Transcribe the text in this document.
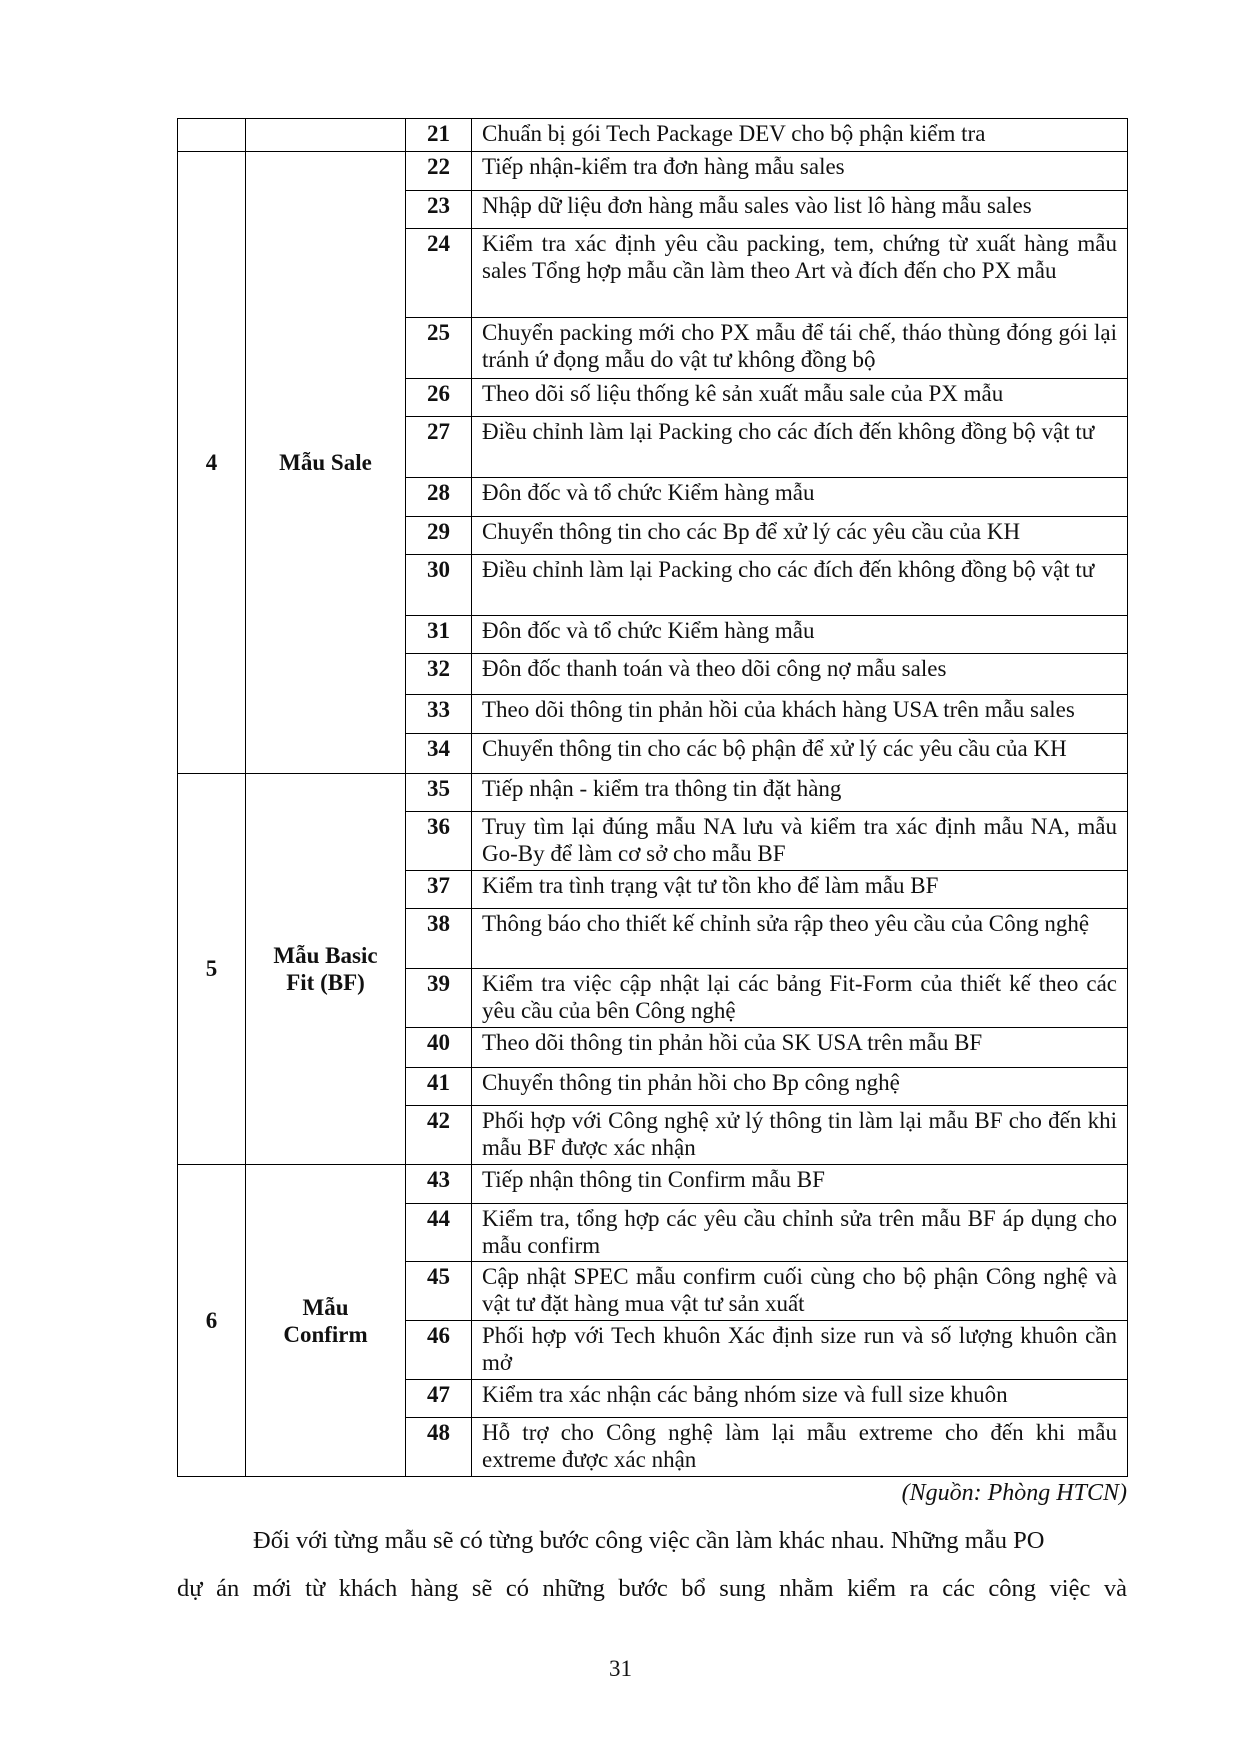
		21	Chuẩn bị gói Tech Package DEV cho bộ phận kiểm tra
4	Mẫu Sale	22	Tiếp nhận-kiểm tra đơn hàng mẫu sales
		23	Nhập dữ liệu đơn hàng mẫu sales vào list lô hàng mẫu sales
		24	Kiểm tra xác định yêu cầu packing, tem, chứng từ xuất hàng mẫu sales Tổng hợp mẫu cần làm theo Art và đích đến cho PX mẫu
		25	Chuyển packing mới cho PX mẫu để tái chế, tháo thùng đóng gói lại tránh ứ đọng mẫu do vật tư không đồng bộ
		26	Theo dõi số liệu thống kê sản xuất mẫu sale của PX mẫu
		27	Điều chỉnh làm lại Packing cho các đích đến không đồng bộ vật tư
		28	Đôn đốc và tổ chức Kiểm hàng mẫu
		29	Chuyển thông tin cho các Bp để xử lý các yêu cầu của KH
		30	Điều chỉnh làm lại Packing cho các đích đến không đồng bộ vật tư
		31	Đôn đốc và tổ chức Kiểm hàng mẫu
		32	Đôn đốc thanh toán và theo dõi công nợ mẫu sales
		33	Theo dõi thông tin phản hồi của khách hàng USA trên mẫu sales
		34	Chuyển thông tin cho các bộ phận để xử lý các yêu cầu của KH
5	Mẫu Basic Fit (BF)	35	Tiếp nhận - kiểm tra thông tin đặt hàng
		36	Truy tìm lại đúng mẫu NA lưu và kiểm tra xác định mẫu NA, mẫu Go-By để làm cơ sở cho mẫu BF
		37	Kiểm tra tình trạng vật tư tồn kho để làm mẫu BF
		38	Thông báo cho thiết kế chỉnh sửa rập theo yêu cầu của Công nghệ
		39	Kiểm tra việc cập nhật lại các bảng Fit-Form của thiết kế theo các yêu cầu của bên Công nghệ
		40	Theo dõi thông tin phản hồi của SK USA trên mẫu BF
		41	Chuyển thông tin phản hồi cho Bp công nghệ
		42	Phối hợp với Công nghệ xử lý thông tin làm lại mẫu BF cho đến khi mẫu BF được xác nhận
6	Mẫu Confirm	43	Tiếp nhận thông tin Confirm mẫu BF
		44	Kiểm tra, tổng hợp các yêu cầu chỉnh sửa trên mẫu BF áp dụng cho mẫu confirm
		45	Cập nhật SPEC mẫu confirm cuối cùng cho bộ phận Công nghệ và vật tư đặt hàng mua vật tư sản xuất
		46	Phối hợp với Tech khuôn Xác định size run và số lượng khuôn cần mở
		47	Kiểm tra xác nhận các bảng nhóm size và full size khuôn
		48	Hỗ trợ cho Công nghệ làm lại mẫu extreme cho đến khi mẫu extreme được xác nhận
(Nguồn: Phòng HTCN)
Đối với từng mẫu sẽ có từng bước công việc cần làm khác nhau. Những mẫu PO
dự án mới từ khách hàng sẽ có những bước bổ sung nhằm kiểm ra các công việc và
31
